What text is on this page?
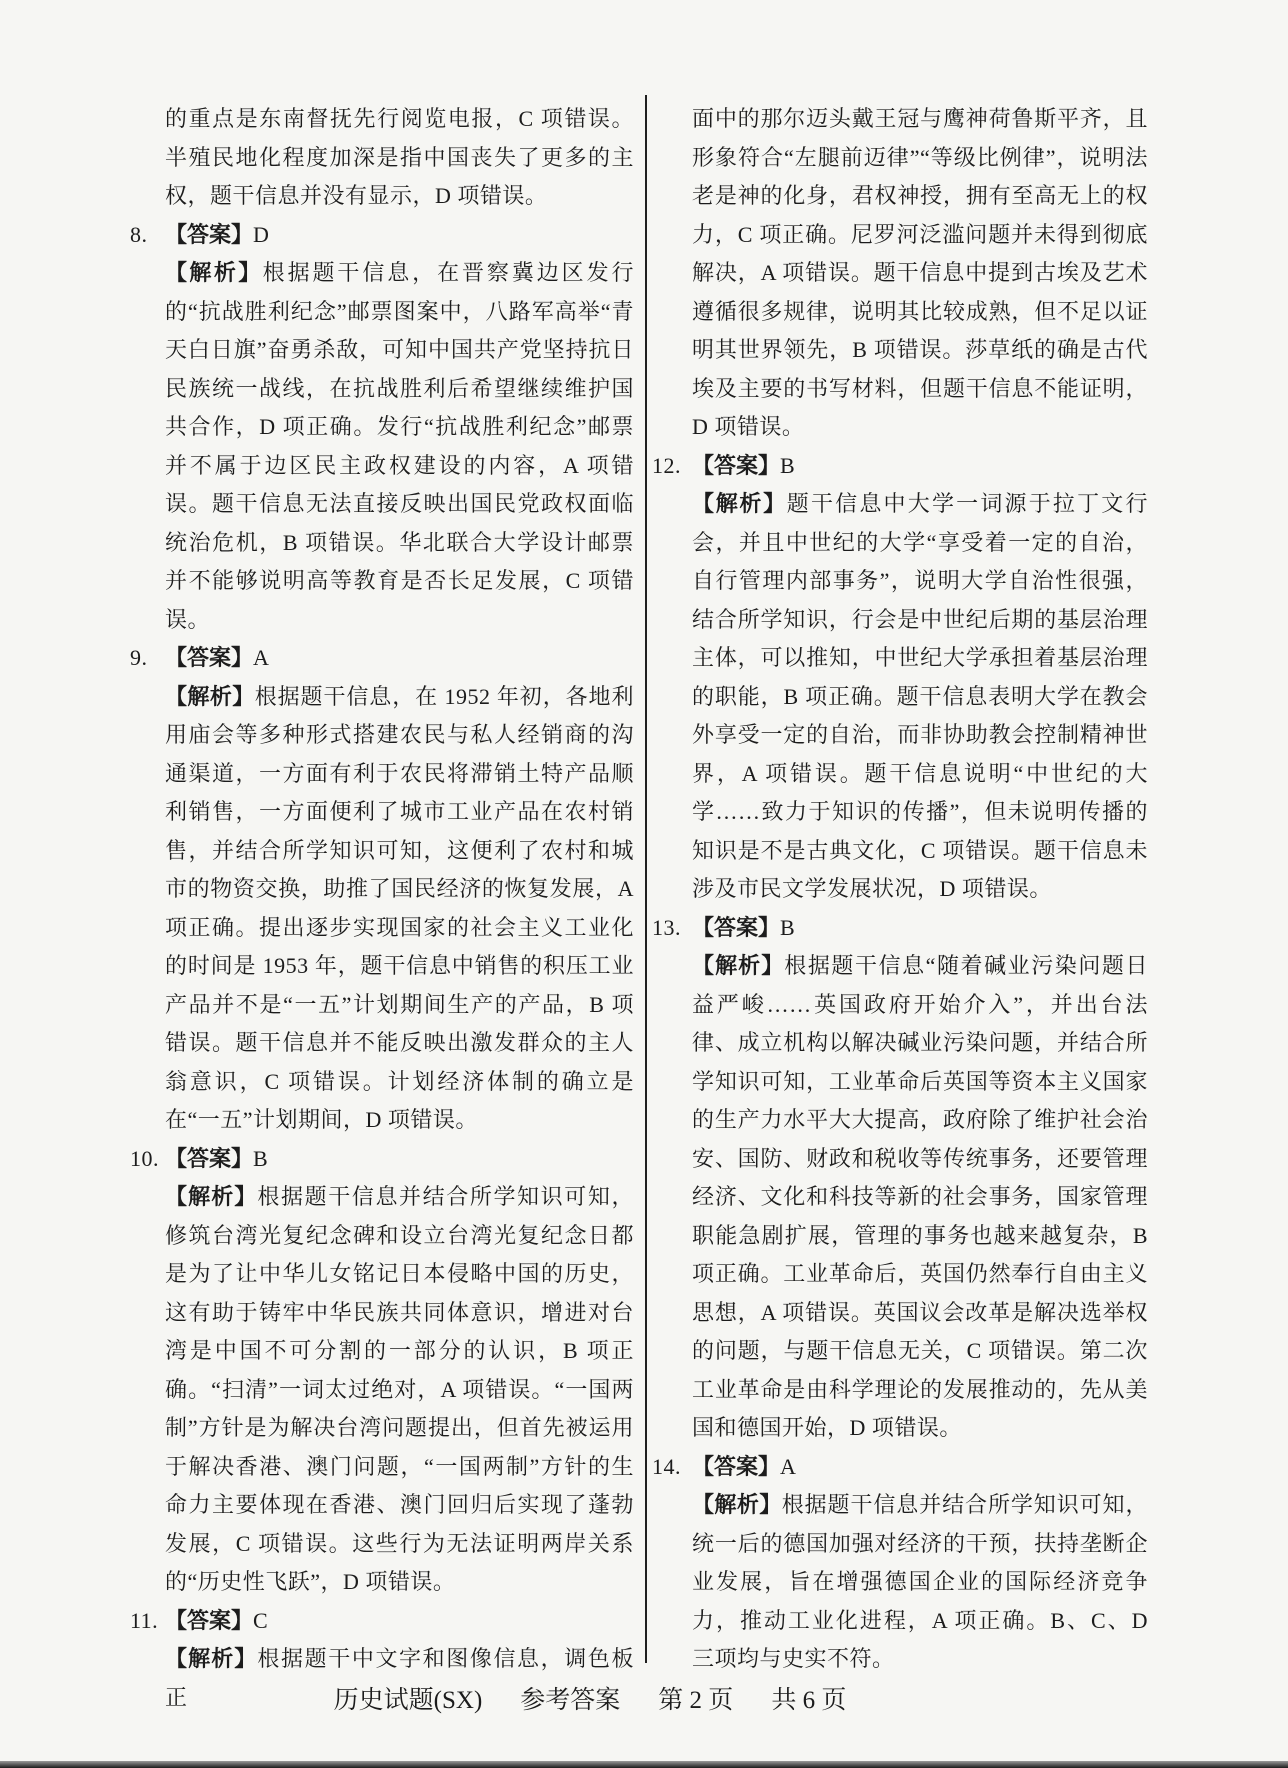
的重点是东南督抚先行阅览电报，C 项错误。半殖民地化程度加深是指中国丧失了更多的主权，题干信息并没有显示，D 项错误。

8. 【答案】D

【解析】根据题干信息，在晋察冀边区发行的“抗战胜利纪念”邮票图案中，八路军高举“青天白日旗”奋勇杀敌，可知中国共产党坚持抗日民族统一战线，在抗战胜利后希望继续维护国共合作，D 项正确。发行“抗战胜利纪念”邮票并不属于边区民主政权建设的内容，A 项错误。题干信息无法直接反映出国民党政权面临统治危机，B 项错误。华北联合大学设计邮票并不能够说明高等教育是否长足发展，C 项错误。

9. 【答案】A

【解析】根据题干信息，在 1952 年初，各地利用庙会等多种形式搭建农民与私人经销商的沟通渠道，一方面有利于农民将滞销土特产品顺利销售，一方面便利了城市工业产品在农村销售，并结合所学知识可知，这便利了农村和城市的物资交换，助推了国民经济的恢复发展，A 项正确。提出逐步实现国家的社会主义工业化的时间是 1953 年，题干信息中销售的积压工业产品并不是“一五”计划期间生产的产品，B 项错误。题干信息并不能反映出激发群众的主人翁意识，C 项错误。计划经济体制的确立是在“一五”计划期间，D 项错误。

10. 【答案】B

【解析】根据题干信息并结合所学知识可知，修筑台湾光复纪念碑和设立台湾光复纪念日都是为了让中华儿女铭记日本侵略中国的历史，这有助于铸牢中华民族共同体意识，增进对台湾是中国不可分割的一部分的认识，B 项正确。“扫清”一词太过绝对，A 项错误。“一国两制”方针是为解决台湾问题提出，但首先被运用于解决香港、澳门问题，“一国两制”方针的生命力主要体现在香港、澳门回归后实现了蓬勃发展，C 项错误。这些行为无法证明两岸关系的“历史性飞跃”，D 项错误。

11. 【答案】C

【解析】根据题干中文字和图像信息，调色板正

面中的那尔迈头戴王冠与鹰神荷鲁斯平齐，且形象符合“左腿前迈律”“等级比例律”，说明法老是神的化身，君权神授，拥有至高无上的权力，C 项正确。尼罗河泛滥问题并未得到彻底解决，A 项错误。题干信息中提到古埃及艺术遵循很多规律，说明其比较成熟，但不足以证明其世界领先，B 项错误。莎草纸的确是古代埃及主要的书写材料，但题干信息不能证明，D 项错误。

12. 【答案】B

【解析】题干信息中大学一词源于拉丁文行会，并且中世纪的大学“享受着一定的自治，自行管理内部事务”，说明大学自治性很强，结合所学知识，行会是中世纪后期的基层治理主体，可以推知，中世纪大学承担着基层治理的职能，B 项正确。题干信息表明大学在教会外享受一定的自治，而非协助教会控制精神世界，A 项错误。题干信息说明“中世纪的大学……致力于知识的传播”，但未说明传播的知识是不是古典文化，C 项错误。题干信息未涉及市民文学发展状况，D 项错误。

13. 【答案】B

【解析】根据题干信息“随着碱业污染问题日益严峻……英国政府开始介入”，并出台法律、成立机构以解决碱业污染问题，并结合所学知识可知，工业革命后英国等资本主义国家的生产力水平大大提高，政府除了维护社会治安、国防、财政和税收等传统事务，还要管理经济、文化和科技等新的社会事务，国家管理职能急剧扩展，管理的事务也越来越复杂，B 项正确。工业革命后，英国仍然奉行自由主义思想，A 项错误。英国议会改革是解决选举权的问题，与题干信息无关，C 项错误。第二次工业革命是由科学理论的发展推动的，先从美国和德国开始，D 项错误。

14. 【答案】A

【解析】根据题干信息并结合所学知识可知，统一后的德国加强对经济的干预，扶持垄断企业发展，旨在增强德国企业的国际经济竞争力，推动工业化进程，A 项正确。B、C、D 三项均与史实不符。

历史试题(SX) 参考答案 第 2 页 共 6 页
